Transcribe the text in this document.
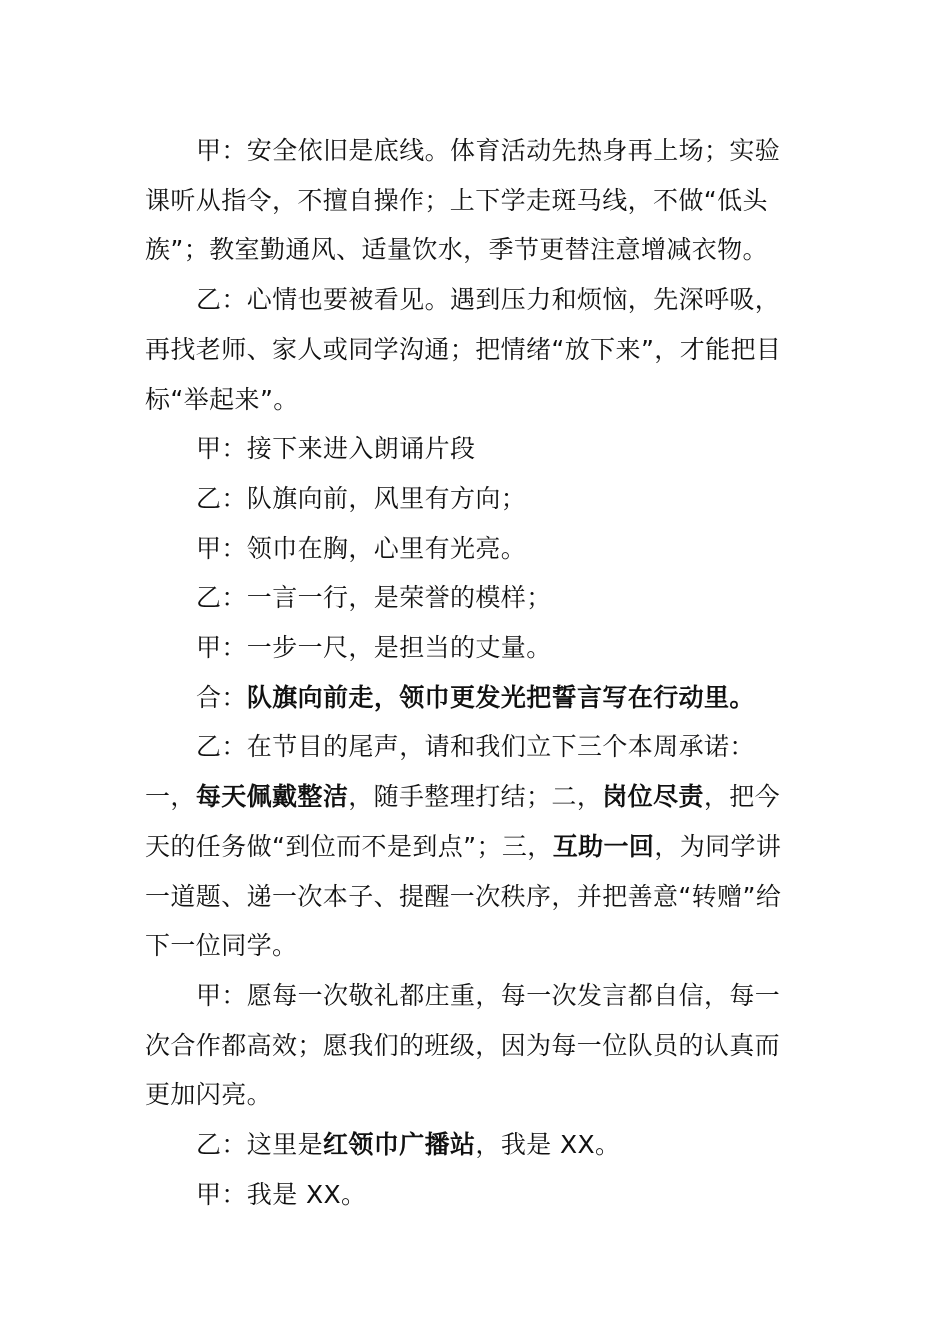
甲：安全依旧是底线。体育活动先热身再上场；实验课听从指令，不擅自操作；上下学走斑马线，不做“低头族”；教室勤通风、适量饮水，季节更替注意增减衣物。

乙：心情也要被看见。遇到压力和烦恼，先深呼吸，再找老师、家人或同学沟通；把情绪“放下来”，才能把目标“举起来”。

甲：接下来进入朗诵片段

乙：队旗向前，风里有方向；

甲：领巾在胸，心里有光亮。

乙：一言一行，是荣誉的模样；

甲：一步一尺，是担当的丈量。

合：队旗向前走，领巾更发光把誓言写在行动里。

乙：在节目的尾声，请和我们立下三个本周承诺：

一，每天佩戴整洁，随手整理打结；二，岗位尽责，把今天的任务做“到位而不是到点”；三，互助一回，为同学讲一道题、递一次本子、提醒一次秩序，并把善意“转赠”给下一位同学。

甲：愿每一次敬礼都庄重，每一次发言都自信，每一次合作都高效；愿我们的班级，因为每一位队员的认真而更加闪亮。

乙：这里是红领巾广播站，我是 XX。

甲：我是 XX。
